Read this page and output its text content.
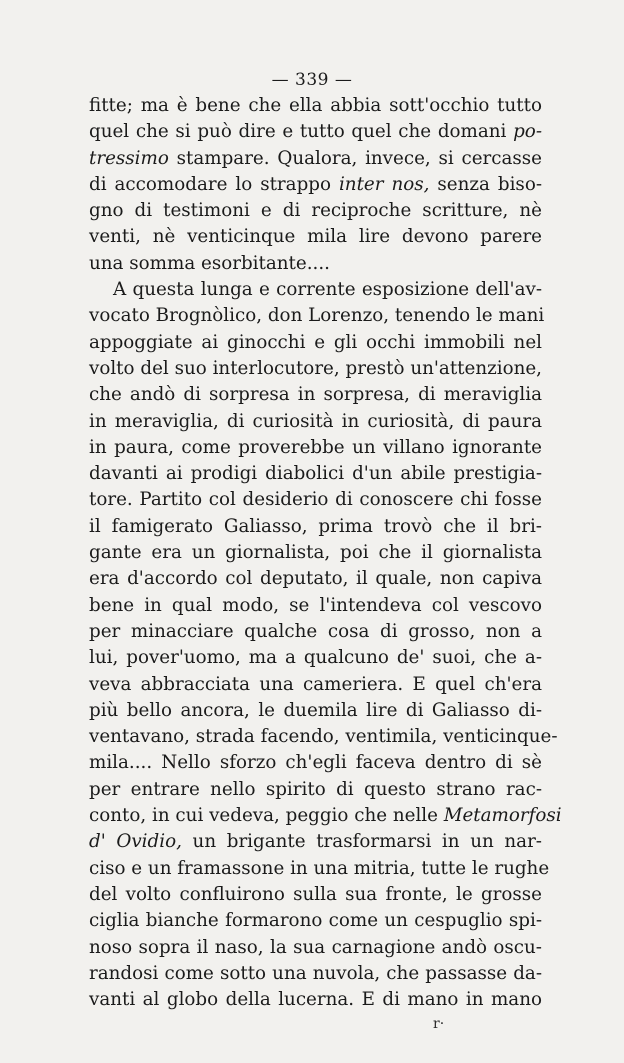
— 339 —
fitte; ma è bene che ella abbia sott'occhio tutto
quel che si può dire e tutto quel che domani po-
tressimo stampare. Qualora, invece, si cercasse
di accomodare lo strappo inter nos, senza biso-
gno di testimoni e di reciproche scritture, nè
venti, nè venticinque mila lire devono parere
una somma esorbitante....
A questa lunga e corrente esposizione dell'av-
vocato Brognòlico, don Lorenzo, tenendo le mani
appoggiate ai ginocchi e gli occhi immobili nel
volto del suo interlocutore, prestò un'attenzione,
che andò di sorpresa in sorpresa, di meraviglia
in meraviglia, di curiosità in curiosità, di paura
in paura, come proverebbe un villano ignorante
davanti ai prodigi diabolici d'un abile prestigia-
tore. Partito col desiderio di conoscere chi fosse
il famigerato Galiasso, prima trovò che il bri-
gante era un giornalista, poi che il giornalista
era d'accordo col deputato, il quale, non capiva
bene in qual modo, se l'intendeva col vescovo
per minacciare qualche cosa di grosso, non a
lui, pover'uomo, ma a qualcuno de' suoi, che a-
veva abbracciata una cameriera. E quel ch'era
più bello ancora, le duemila lire di Galiasso di-
ventavano, strada facendo, ventimila, venticinque-
mila.... Nello sforzo ch'egli faceva dentro di sè
per entrare nello spirito di questo strano rac-
conto, in cui vedeva, peggio che nelle Metamorfosi
d' Ovidio, un brigante trasformarsi in un nar-
ciso e un framassone in una mitria, tutte le rughe
del volto confluirono sulla sua fronte, le grosse
ciglia bianche formarono come un cespuglio spi-
noso sopra il naso, la sua carnagione andò oscu-
randosi come sotto una nuvola, che passasse da-
vanti al globo della lucerna. E di mano in mano
r·
